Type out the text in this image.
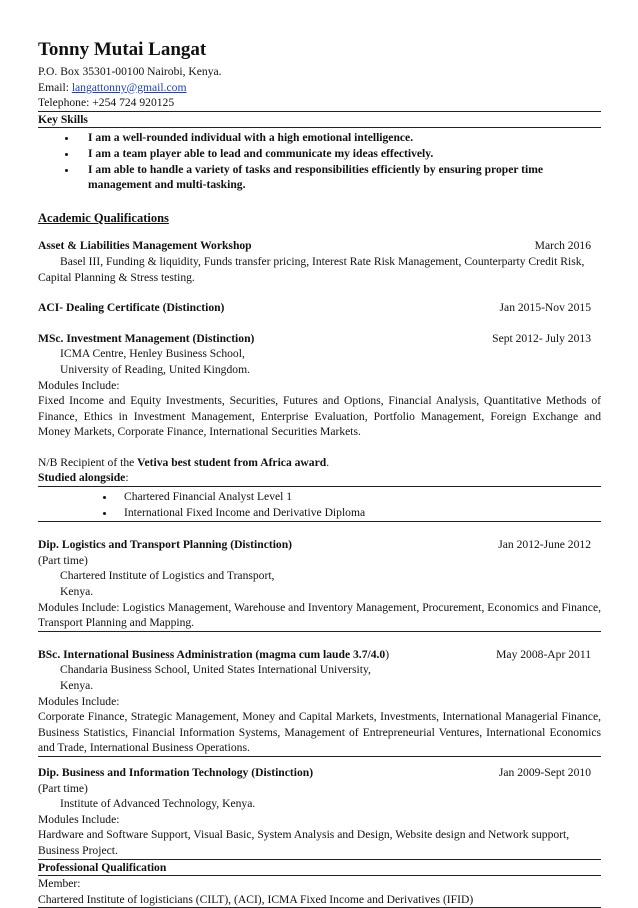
Tonny Mutai Langat
P.O. Box 35301-00100 Nairobi, Kenya.
Email: langattonny@gmail.com
Telephone: +254 724 920125
Key Skills
• I am a well-rounded individual with a high emotional intelligence.
• I am a team player able to lead and communicate my ideas effectively.
• I am able to handle a variety of tasks and responsibilities efficiently by ensuring proper time management and multi-tasking.
Academic Qualifications
Asset & Liabilities Management Workshop	March 2016
Basel III, Funding & liquidity, Funds transfer pricing, Interest Rate Risk Management, Counterparty Credit Risk,
Capital Planning & Stress testing.
ACI- Dealing Certificate (Distinction)	Jan 2015-Nov 2015
MSc. Investment Management (Distinction)	Sept 2012- July 2013
ICMA Centre, Henley Business School,
University of Reading, United Kingdom.
Modules Include:
Fixed Income and Equity Investments, Securities, Futures and Options, Financial Analysis, Quantitative Methods of Finance, Ethics in Investment Management, Enterprise Evaluation, Portfolio Management, Foreign Exchange and Money Markets, Corporate Finance, International Securities Markets.
N/B Recipient of the Vetiva best student from Africa award.
Studied alongside:
• Chartered Financial Analyst Level 1
• International Fixed Income and Derivative Diploma
Dip. Logistics and Transport Planning (Distinction)	Jan 2012-June 2012
(Part time)
Chartered Institute of Logistics and Transport,
Kenya.
Modules Include: Logistics Management, Warehouse and Inventory Management, Procurement, Economics and Finance, Transport Planning and Mapping.
BSc. International Business Administration (magma cum laude 3.7/4.0)	May 2008-Apr 2011
Chandaria Business School, United States International University,
Kenya.
Modules Include:
Corporate Finance, Strategic Management, Money and Capital Markets, Investments, International Managerial Finance, Business Statistics, Financial Information Systems, Management of Entrepreneurial Ventures, International Economics and Trade, International Business Operations.
Dip. Business and Information Technology (Distinction)	Jan 2009-Sept 2010
(Part time)
Institute of Advanced Technology, Kenya.
Modules Include:
Hardware and Software Support, Visual Basic, System Analysis and Design, Website design and Network support,
Business Project.
Professional Qualification
Member:
Chartered Institute of logisticians (CILT), (ACI), ICMA Fixed Income and Derivatives (IFID)
